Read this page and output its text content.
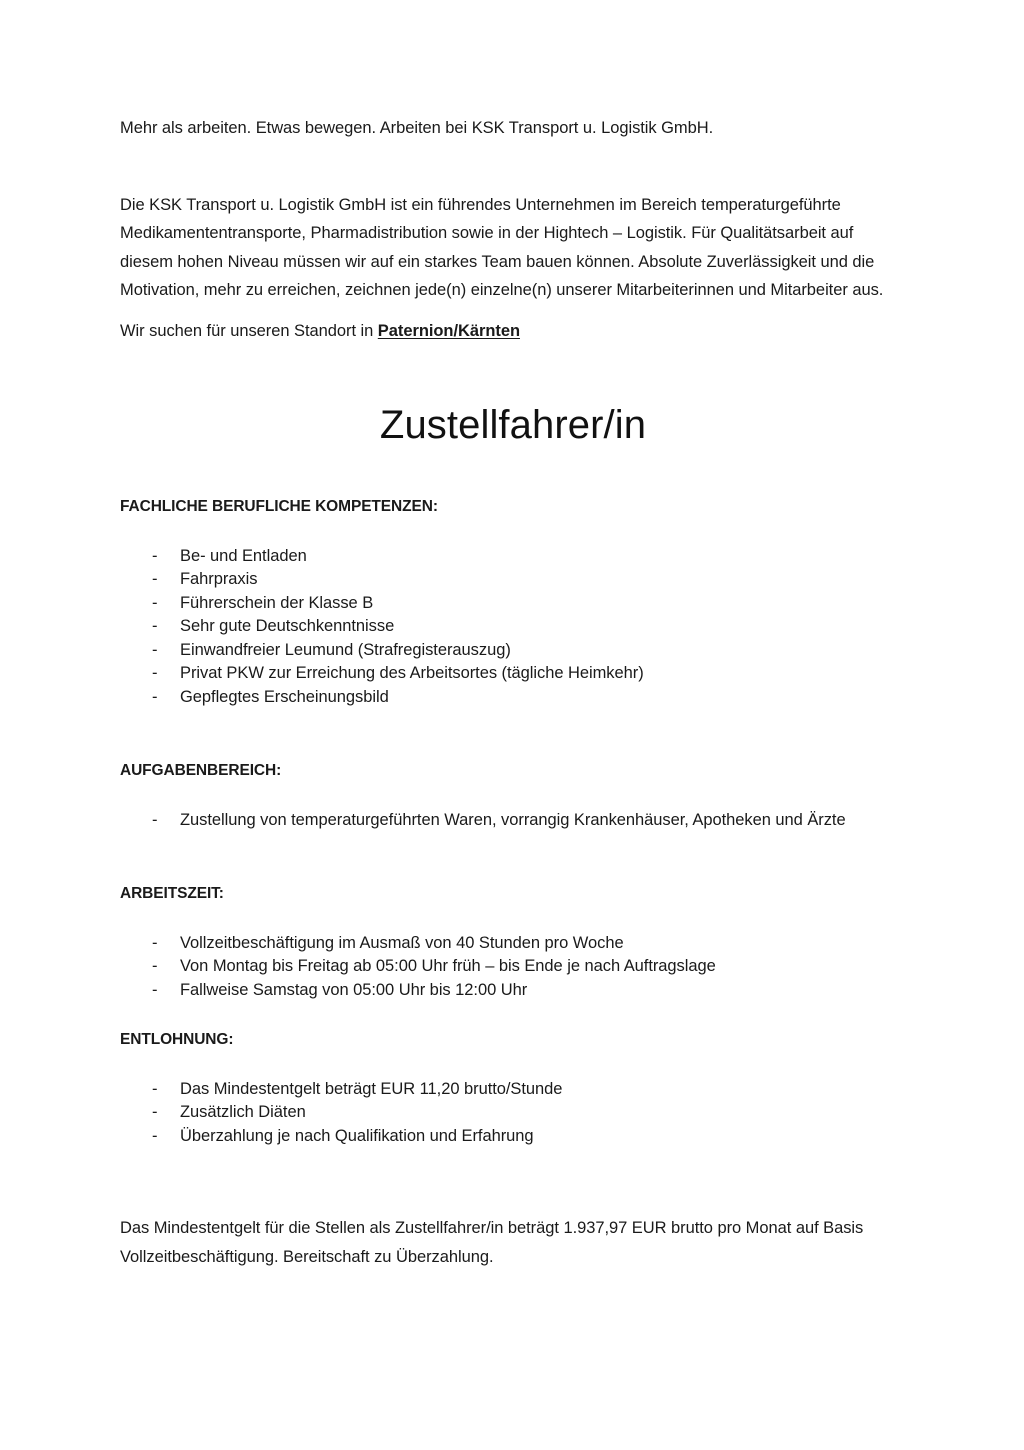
Mehr als arbeiten. Etwas bewegen. Arbeiten bei KSK Transport u. Logistik GmbH.

Die KSK Transport u. Logistik GmbH ist ein führendes Unternehmen im Bereich temperaturgeführte Medikamententransporte, Pharmadistribution sowie in der Hightech – Logistik. Für Qualitätsarbeit auf diesem hohen Niveau müssen wir auf ein starkes Team bauen können. Absolute Zuverlässigkeit und die Motivation, mehr zu erreichen, zeichnen jede(n) einzelne(n) unserer Mitarbeiterinnen und Mitarbeiter aus.

Wir suchen für unseren Standort in Paternion/Kärnten

Zustellfahrer/in
FACHLICHE BERUFLICHE KOMPETENZEN:
- Be- und Entladen
- Fahrpraxis
- Führerschein der Klasse B
- Sehr gute Deutschkenntnisse
- Einwandfreier Leumund (Strafregisterauszug)
- Privat PKW zur Erreichung des Arbeitsortes (tägliche Heimkehr)
- Gepflegtes Erscheinungsbild
AUFGABENBEREICH:
- Zustellung von temperaturgeführten Waren, vorrangig Krankenhäuser, Apotheken und Ärzte
ARBEITSZEIT:
- Vollzeitbeschäftigung im Ausmaß von 40 Stunden pro Woche
- Von Montag bis Freitag ab 05:00 Uhr früh – bis Ende je nach Auftragslage
- Fallweise Samstag von 05:00 Uhr bis 12:00 Uhr
ENTLOHNUNG:
- Das Mindestentgelt beträgt EUR 11,20 brutto/Stunde
- Zusätzlich Diäten
- Überzahlung je nach Qualifikation und Erfahrung

Das Mindestentgelt für die Stellen als Zustellfahrer/in beträgt 1.937,97 EUR brutto pro Monat auf Basis Vollzeitbeschäftigung. Bereitschaft zu Überzahlung.
